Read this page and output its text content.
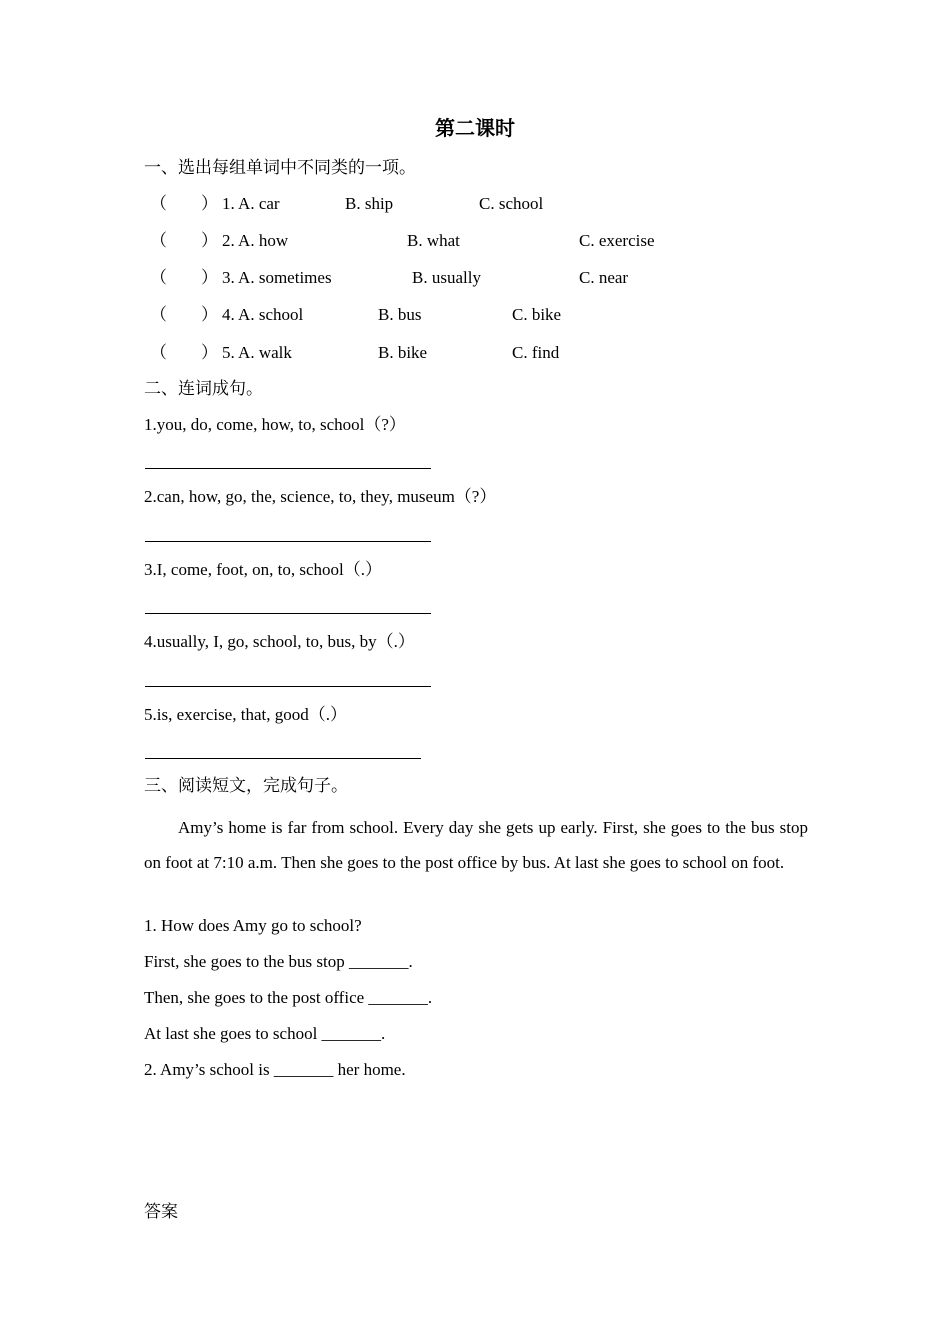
第二课时
一、选出每组单词中不同类的一项。
（　　） 1. A. car	B. ship	C. school
（　　） 2. A. how	B. what	C. exercise
（　　） 3. A. sometimes	B. usually	C. near
（　　） 4. A. school	B. bus	C. bike
（　　） 5. A. walk	B. bike	C. find
二、连词成句。
1.you, do, come, how, to, school（?）
2.can, how, go, the, science, to, they, museum（?）
3.I, come, foot, on, to, school（.）
4.usually, I, go, school, to, bus, by（.）
5.is, exercise, that, good（.）
三、阅读短文，完成句子。
Amy’s home is far from school. Every day she gets up early. First, she goes to the bus stop on foot at 7:10 a.m. Then she goes to the post office by bus. At last she goes to school on foot.
1. How does Amy go to school?
First, she goes to the bus stop _______.
Then, she goes to the post office _______.
At last she goes to school _______.
2. Amy’s school is _______ her home.
答案
